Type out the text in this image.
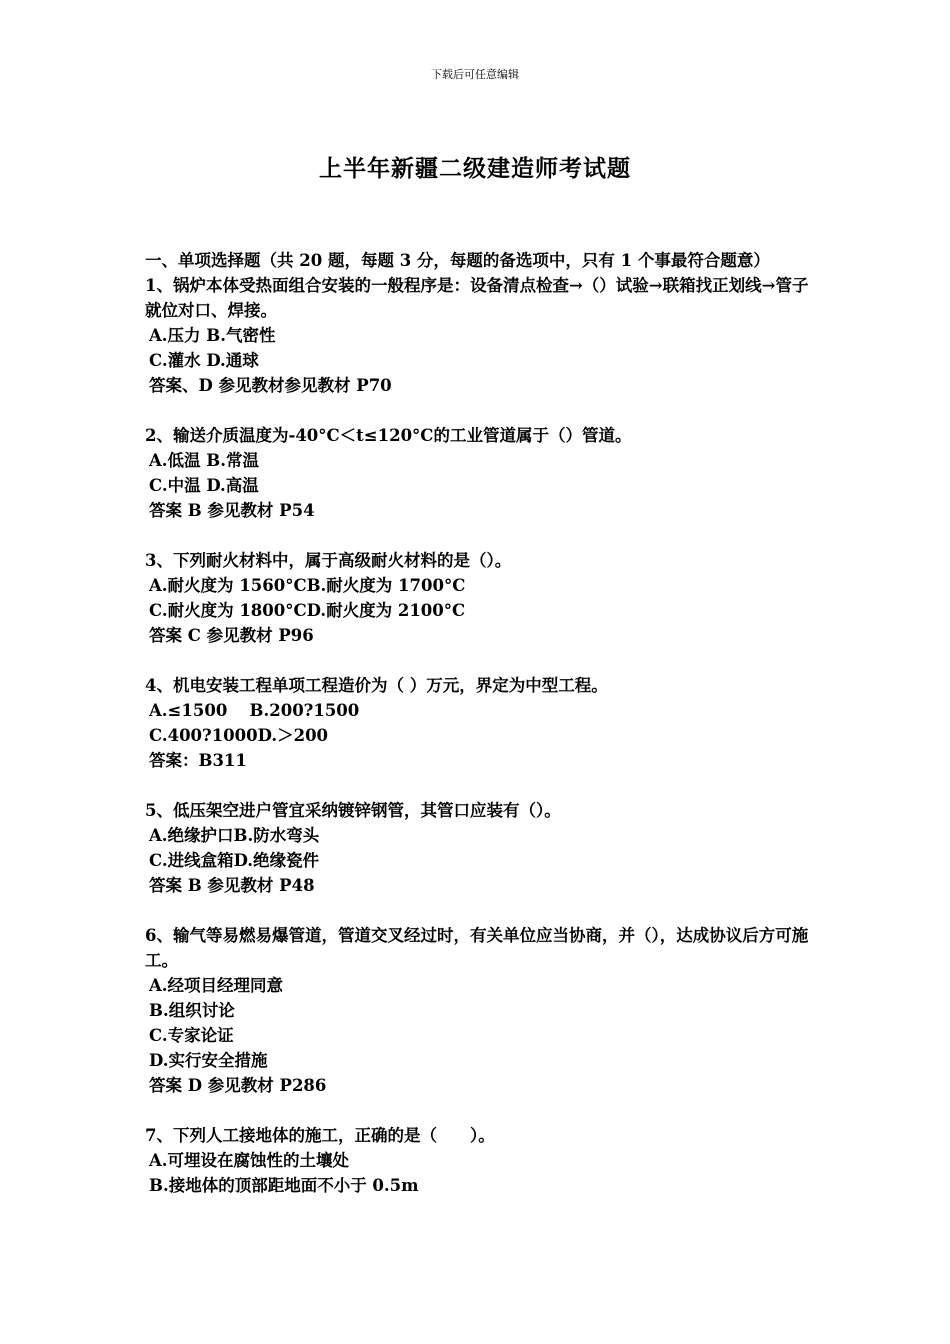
下载后可任意编辑
上半年新疆二级建造师考试题

一、单项选择题（共 20 题，每题 3 分，每题的备选项中，只有 1 个事最符合题意）

1、锅炉本体受热面组合安装的一般程序是：设备清点检查→（）试验→联箱找正划线→管子就位对口、焊接。

A.压力 B.气密性

C.灌水 D.通球

答案、D 参见教材参见教材 P70

2、输送介质温度为-40°C＜t≤120°C的工业管道属于（）管道。

A.低温 B.常温

C.中温 D.高温

答案 B 参见教材 P54

3、下列耐火材料中，属于高级耐火材料的是（）。

A.耐火度为 1560°CB.耐火度为 1700°C

C.耐火度为 1800°CD.耐火度为 2100°C

答案 C 参见教材 P96

4、机电安装工程单项工程造价为（ ）万元，界定为中型工程。

A.≤1500　 B.200?1500

C.400?1000D.＞200

答案：B311

5、低压架空进户管宜采纳镀锌钢管，其管口应装有（）。

A.绝缘护口B.防水弯头

C.进线盒箱D.绝缘瓷件

答案 B 参见教材 P48

6、输气等易燃易爆管道，管道交叉经过时，有关单位应当协商，并（），达成协议后方可施工。

A.经项目经理同意

B.组织讨论

C.专家论证

D.实行安全措施

答案 D 参见教材 P286

7、下列人工接地体的施工，正确的是（　　）。

A.可埋设在腐蚀性的土壤处

B.接地体的顶部距地面不小于 0.5m
